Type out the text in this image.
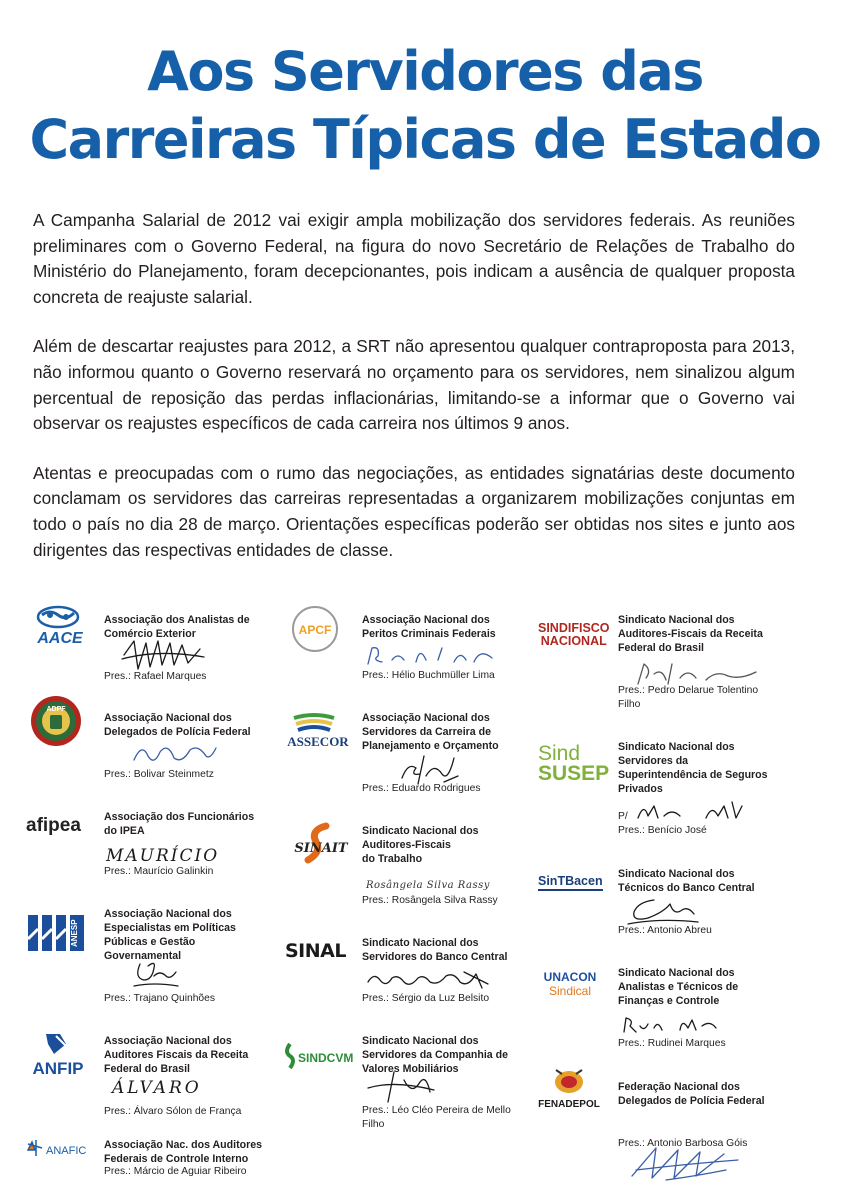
Aos Servidores das
Carreiras Típicas de Estado

A Campanha Salarial de 2012 vai exigir ampla mobilização dos servidores federais. As reuniões preliminares com o Governo Federal, na figura do novo Secretário de Relações de Trabalho do Ministério do Planejamento, foram decepcionantes, pois indicam a ausência de qualquer proposta concreta de reajuste salarial.

Além de descartar reajustes para 2012, a SRT não apresentou qualquer contraproposta para 2013, não informou quanto o Governo reservará no orçamento para os servidores, nem sinalizou algum percentual de reposição das perdas inflacionárias, limitando-se a informar que o Governo vai observar os reajustes específicos de cada carreira nos últimos 9 anos.

Atentas e preocupadas com o rumo das negociações, as entidades signatárias deste documento conclamam os servidores das carreiras representadas a organizarem mobilizações conjuntas em todo o país no dia 28 de março. Orientações específicas poderão ser obtidas nos sites e junto aos dirigentes das respectivas entidades de classe.

AACE
Associação dos Analistas de
Comércio Exterior
Pres.: Rafael Marques
ADPF
Associação Nacional dos
Delegados de Polícia Federal
Pres.: Bolivar Steinmetz
afipea Associação dos Funcionários
do IPEA
MAURÍCIO
Pres.: Maurício Galinkin
ANESP
Associação Nacional dos
Especialistas em Políticas
Públicas e Gestão
Governamental
Pres.: Trajano Quinhões
ANFIP
Associação Nacional dos
Auditores Fiscais da Receita
Federal do Brasil
ÁLVARO
Pres.: Álvaro Sólon de França
ANAFIC Associação Nac. dos Auditores
Federais de Controle Interno
Pres.: Márcio de Aguiar Ribeiro
APCF
Associação Nacional dos
Peritos Criminais Federais
Pres.: Hélio Buchmüller Lima
ASSECOR
Associação Nacional dos
Servidores da Carreira de
Planejamento e Orçamento
Pres.: Eduardo Rodrigues
SINAIT
Sindicato Nacional dos
Auditores-Fiscais
do Trabalho
Rosângela Silva Rassy
Pres.: Rosângela Silva Rassy
SINAL Sindicato Nacional dos
Servidores do Banco Central
Pres.: Sérgio da Luz Belsito
SINDCVM
Sindicato Nacional dos
Servidores da Companhia de
Valores Mobiliários
Pres.: Léo Cléo Pereira de Mello
Filho
SINDIFISCO
NACIONAL
Sindicato Nacional dos
Auditores-Fiscais da Receita
Federal do Brasil
Pres.: Pedro Delarue Tolentino
Filho
Sind
SUSEP
Sindicato Nacional dos
Servidores da
Superintendência de Seguros
Privados
P/
Pres.: Benício José
SinTBacen Sindicato Nacional dos
Técnicos do Banco Central
Pres.: Antonio Abreu
UNACON
Sindical
Sindicato Nacional dos
Analistas e Técnicos de
Finanças e Controle
Pres.: Rudinei Marques
FENADEPOL
Federação Nacional dos
Delegados de Polícia Federal
Pres.: Antonio Barbosa Góis
